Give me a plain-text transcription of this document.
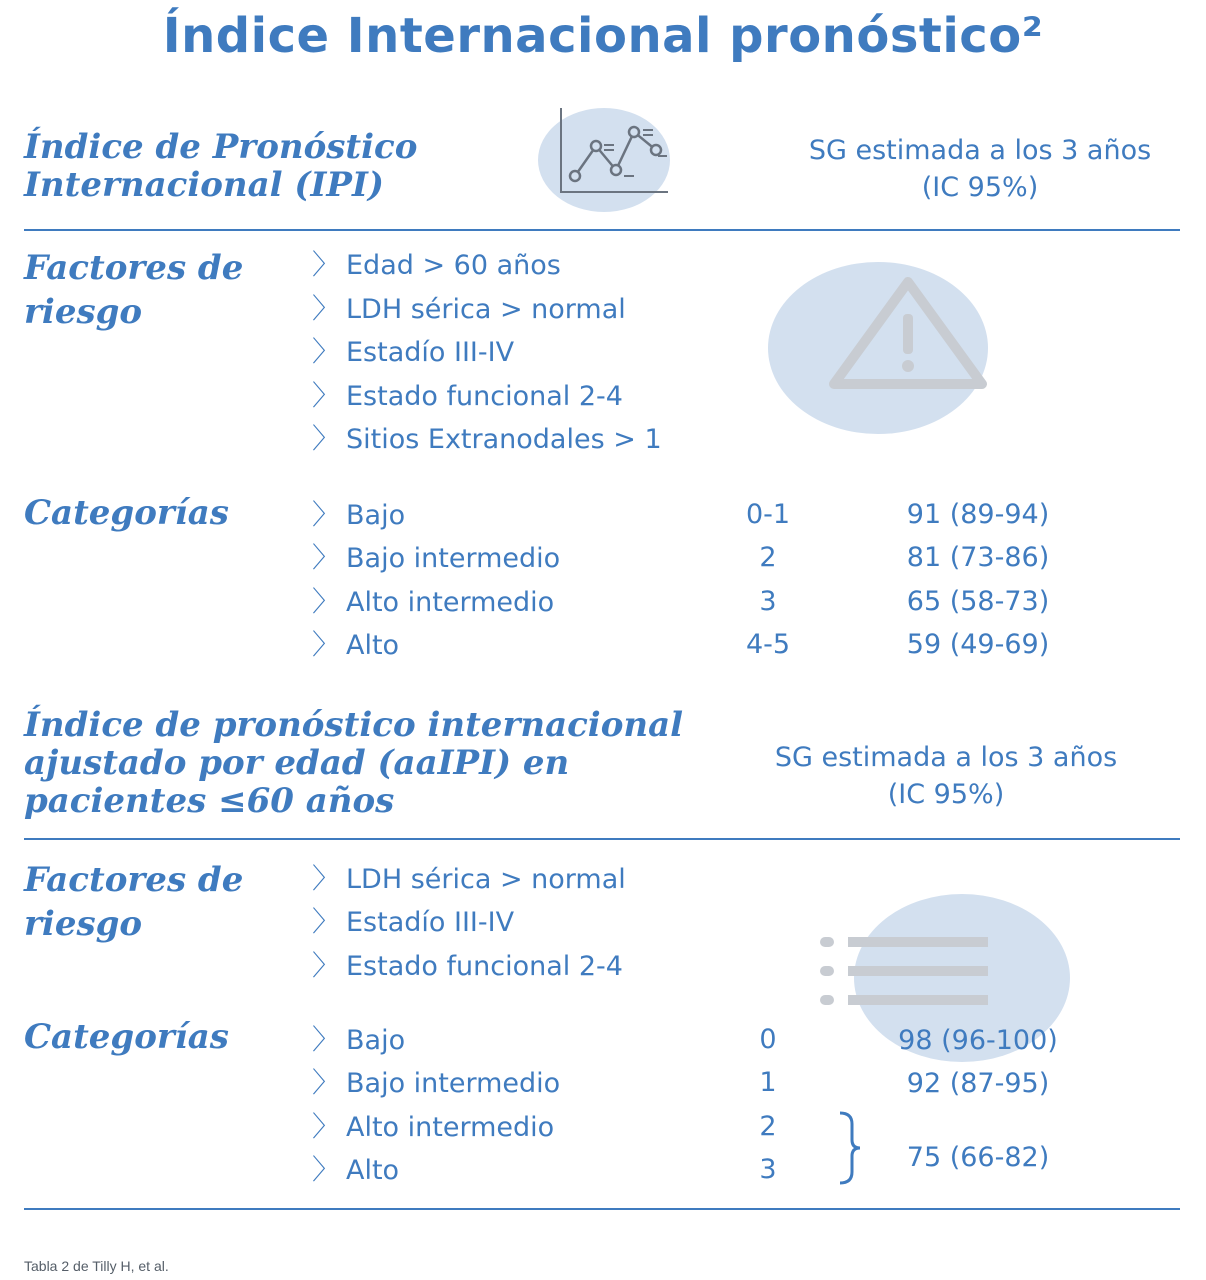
Índice Internacional pronóstico²
Índice de Pronóstico
Internacional (IPI)
SG estimada a los 3 años
(IC 95%)
Factores de
riesgo
〉 Edad > 60 años
〉 LDH sérica > normal
〉 Estadío III-IV
〉 Estado funcional 2-4
〉 Sitios Extranodales > 1
Categorías	〉 Bajo	0-1	91 (89-94)
〉 Bajo intermedio	2	81 (73-86)
〉 Alto intermedio	3	65 (58-73)
〉 Alto	4-5	59 (49-69)
Índice de pronóstico internacional
ajustado por edad (aaIPI) en
pacientes ≤60 años
SG estimada a los 3 años
(IC 95%)
Factores de
riesgo
〉 LDH sérica > normal
〉 Estadío III-IV
〉 Estado funcional 2-4
Categorías	〉 Bajo	0	98 (96-100)
〉 Bajo intermedio	1	92 (87-95)
〉 Alto intermedio	2
〉 Alto	3	75 (66-82)
Tabla 2 de Tilly H, et al.
